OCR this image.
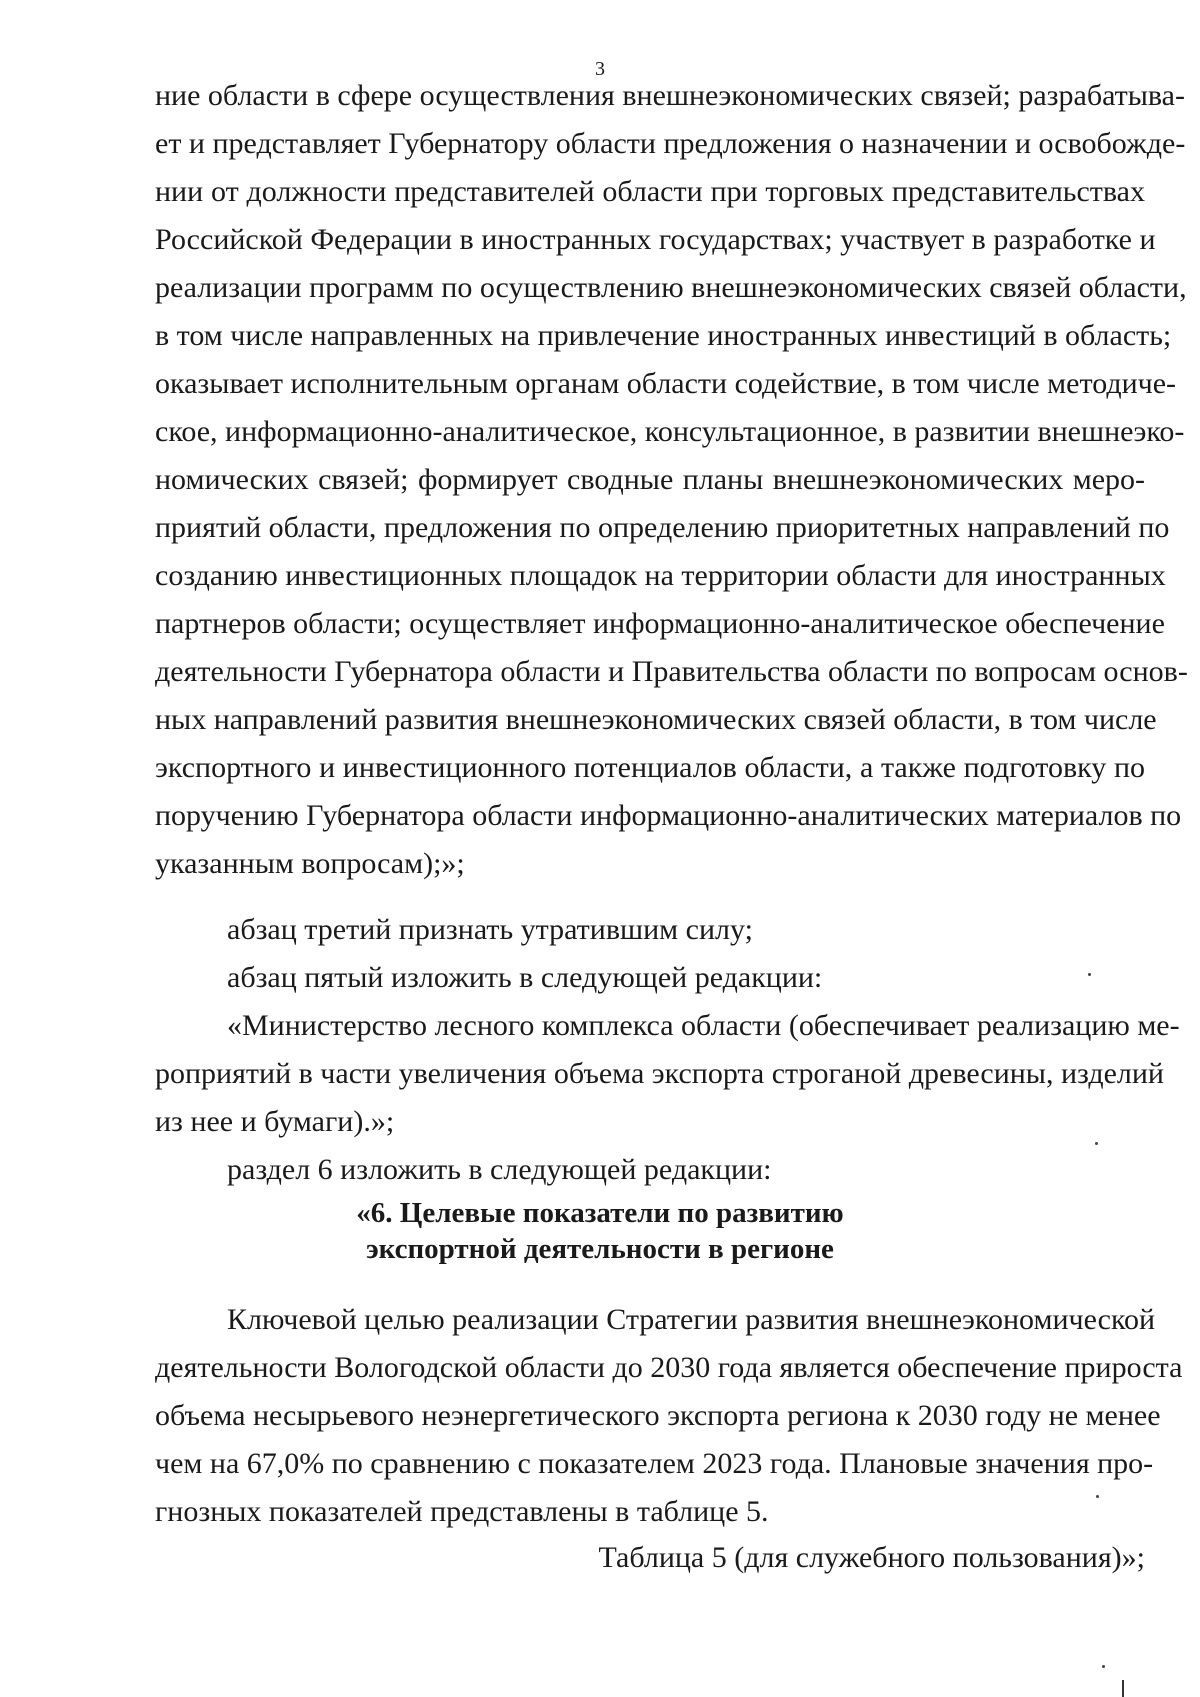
3
ние области в сфере осуществления внешнеэкономических связей; разрабатыва-
ет и представляет Губернатору области предложения о назначении и освобожде-
нии от должности представителей области при торговых представительствах
Российской Федерации в иностранных государствах; участвует в разработке и
реализации программ по осуществлению внешнеэкономических связей области,
в том числе направленных на привлечение иностранных инвестиций в область;
оказывает исполнительным органам области содействие, в том числе методиче-
ское, информационно-аналитическое, консультационное, в развитии внешнеэко-
номических связей; формирует сводные планы внешнеэкономических меро-
приятий области, предложения по определению приоритетных направлений по
созданию инвестиционных площадок на территории области для иностранных
партнеров области; осуществляет информационно-аналитическое обеспечение
деятельности Губернатора области и Правительства области по вопросам основ-
ных направлений развития внешнеэкономических связей области, в том числе
экспортного и инвестиционного потенциалов области, а также подготовку по
поручению Губернатора области информационно-аналитических материалов по
указанным вопросам);»;
абзац третий признать утратившим силу;
абзац пятый изложить в следующей редакции:
«Министерство лесного комплекса области (обеспечивает реализацию ме-
роприятий в части увеличения объема экспорта строганой древесины, изделий
из нее и бумаги).»;
раздел 6 изложить в следующей редакции:
«6. Целевые показатели по развитию
экспортной деятельности в регионе
Ключевой целью реализации Стратегии развития внешнеэкономической
деятельности Вологодской области до 2030 года является обеспечение прироста
объема несырьевого неэнергетического экспорта региона к 2030 году не менее
чем на 67,0% по сравнению с показателем 2023 года. Плановые значения про-
гнозных показателей представлены в таблице 5.
Таблица 5 (для служебного пользования)»;
